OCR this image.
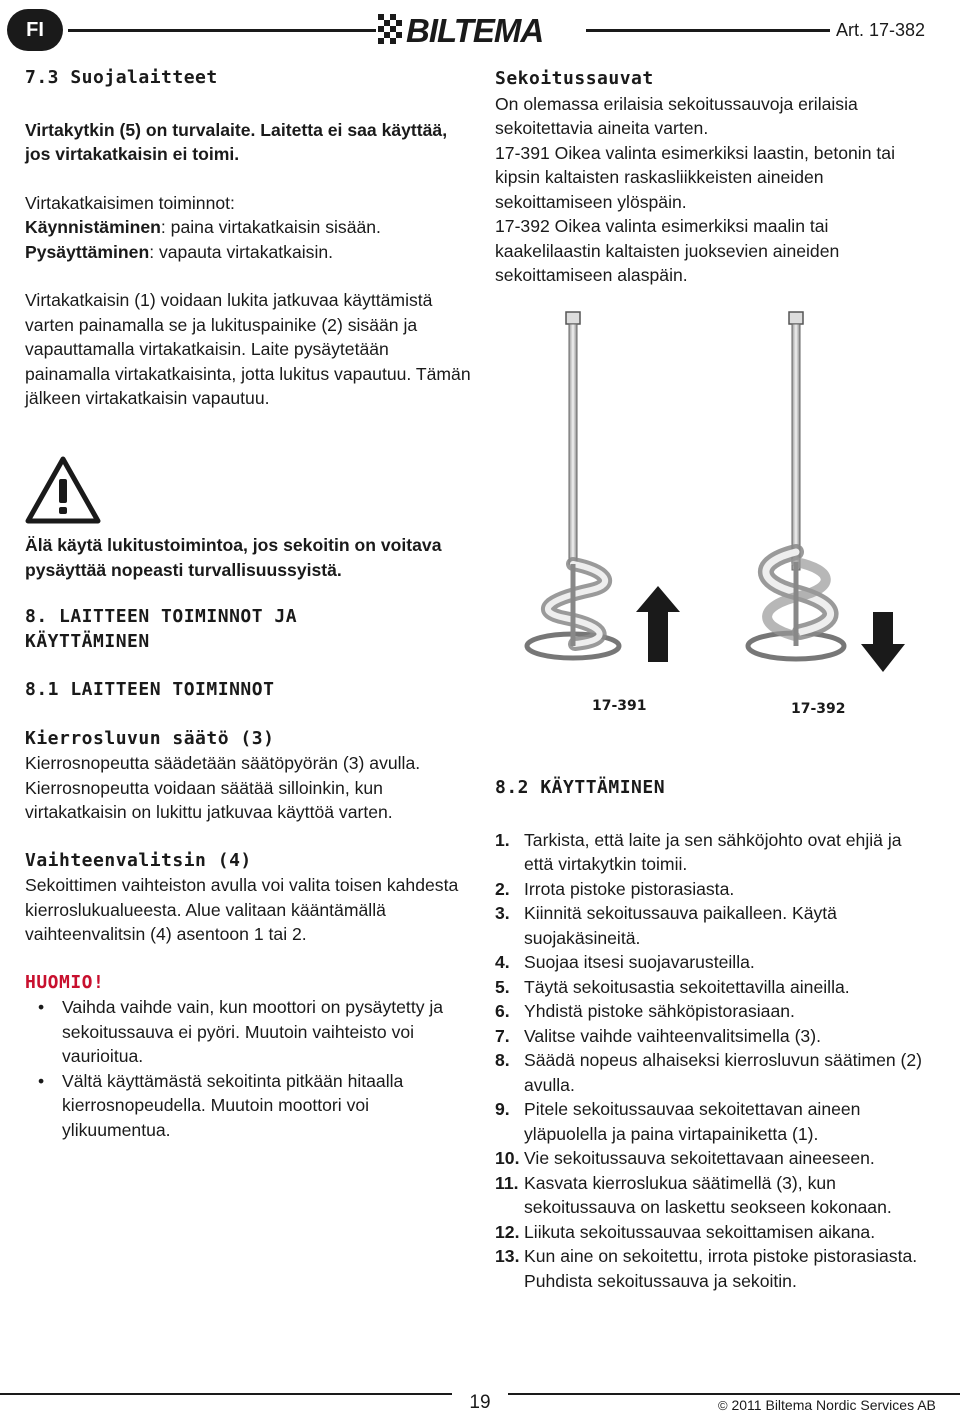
FI	BILTEMA	Art. 17-382

7.3 Suojalaitteet

Virtakytkin (5) on turvalaite. Laitetta ei saa käyttää, jos virtakatkaisin ei toimi.

Virtakatkaisimen toiminnot:

Käynnistäminen: paina virtakatkaisin sisään.

Pysäyttäminen: vapauta virtakatkaisin.

Virtakatkaisin (1) voidaan lukita jatkuvaa käyttämistä varten painamalla se ja lukituspainike (2) sisään ja vapauttamalla virtakatkaisin. Laite pysäytetään painamalla virtakatkaisinta, jotta lukitus vapautuu. Tämän jälkeen virtakatkaisin vapautuu.

Älä käytä lukitustoimintoa, jos sekoitin on voitava pysäyttää nopeasti turvallisuussyistä.

8. LAITTEEN TOIMINNOT JA

KÄYTTÄMINEN

8.1 LAITTEEN TOIMINNOT

Kierrosluvun säätö (3)

Kierrosnopeutta säädetään säätöpyörän (3) avulla. Kierrosnopeutta voidaan säätää silloinkin, kun virtakatkaisin on lukittu jatkuvaa käyttöä varten.

Vaihteenvalitsin (4)

Sekoittimen vaihteiston avulla voi valita toisen kahdesta kierroslukualueesta. Alue valitaan kääntämällä vaihteenvalitsin (4) asentoon 1 tai 2.

HUOMIO!

• Vaihda vaihde vain, kun moottori on pysäytetty ja sekoitussauva ei pyöri. Muutoin vaihteisto voi vaurioitua.
• Vältä käyttämästä sekoitinta pitkään hitaalla kierrosnopeudella. Muutoin moottori voi ylikuumentua.

Sekoitussauvat

On olemassa erilaisia sekoitussauvoja erilaisia sekoitettavia aineita varten.

17-391 Oikea valinta esimerkiksi laastin, betonin tai kipsin kaltaisten raskasliikkeisten aineiden sekoittamiseen ylöspäin.

17-392 Oikea valinta esimerkiksi maalin tai kaakelilaastin kaltaisten juoksevien aineiden sekoittamiseen alaspäin.

17-391	17-392

8.2 KÄYTTÄMINEN

1. Tarkista, että laite ja sen sähköjohto ovat ehjiä ja että virtakytkin toimii.
2. Irrota pistoke pistorasiasta.
3. Kiinnitä sekoitussauva paikalleen. Käytä suojakäsineitä.
4. Suojaa itsesi suojavarusteilla.
5. Täytä sekoitusastia sekoitettavilla aineilla.
6. Yhdistä pistoke sähköpistorasiaan.
7. Valitse vaihde vaihteenvalitsimella (3).
8. Säädä nopeus alhaiseksi kierrosluvun säätimen (2) avulla.
9. Pitele sekoitussauvaa sekoitettavan aineen yläpuolella ja paina virtapainiketta (1).
10. Vie sekoitussauva sekoitettavaan aineeseen.
11. Kasvata kierroslukua säätimellä (3), kun sekoitussauva on laskettu seokseen kokonaan.
12. Liikuta sekoitussauvaa sekoittamisen aikana.
13. Kun aine on sekoitettu, irrota pistoke pistorasiasta. Puhdista sekoitussauva ja sekoitin.
19	© 2011 Biltema Nordic Services AB
